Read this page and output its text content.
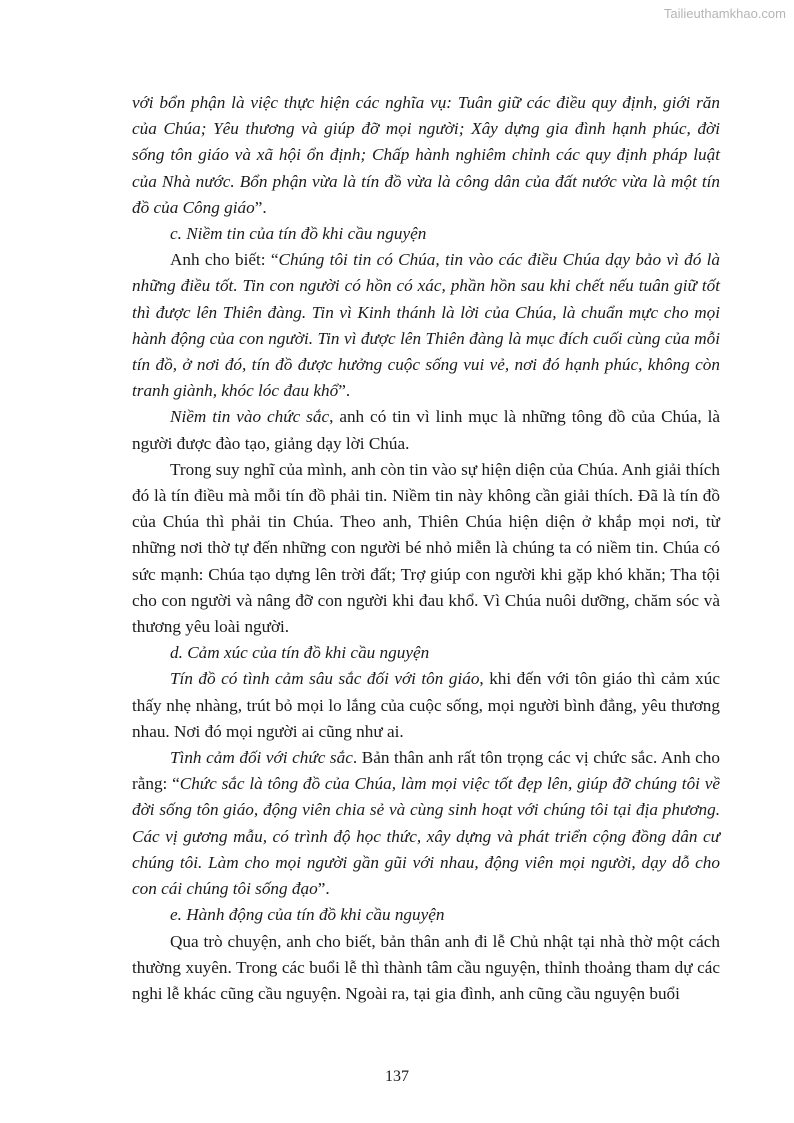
Tailieuthamkhao.com

với bổn phận là việc thực hiện các nghĩa vụ: Tuân giữ các điều quy định, giới răn của Chúa; Yêu thương và giúp đỡ mọi người; Xây dựng gia đình hạnh phúc, đời sống tôn giáo và xã hội ổn định; Chấp hành nghiêm chỉnh các quy định pháp luật của Nhà nước. Bổn phận vừa là tín đồ vừa là công dân của đất nước vừa là một tín đồ của Công giáo”.

c. Niềm tin của tín đồ khi cầu nguyện

Anh cho biết: “Chúng tôi tin có Chúa, tin vào các điều Chúa dạy bảo vì đó là những điều tốt. Tin con người có hồn có xác, phần hồn sau khi chết nếu tuân giữ tốt thì được lên Thiên đàng. Tin vì Kinh thánh là lời của Chúa, là chuẩn mực cho mọi hành động của con người. Tin vì được lên Thiên đàng là mục đích cuối cùng của mỗi tín đồ, ở nơi đó, tín đồ được hưởng cuộc sống vui vẻ, nơi đó hạnh phúc, không còn tranh giành, khóc lóc đau khổ”.

Niềm tin vào chức sắc, anh có tin vì linh mục là những tông đồ của Chúa, là người được đào tạo, giảng dạy lời Chúa.

Trong suy nghĩ của mình, anh còn tin vào sự hiện diện của Chúa. Anh giải thích đó là tín điều mà mỗi tín đồ phải tin. Niềm tin này không cần giải thích. Đã là tín đồ của Chúa thì phải tin Chúa. Theo anh, Thiên Chúa hiện diện ở khắp mọi nơi, từ những nơi thờ tự đến những con người bé nhỏ miễn là chúng ta có niềm tin. Chúa có sức mạnh: Chúa tạo dựng lên trời đất; Trợ giúp con người khi gặp khó khăn; Tha tội cho con người và nâng đỡ con người khi đau khổ. Vì Chúa nuôi dưỡng, chăm sóc và thương yêu loài người.

d. Cảm xúc của tín đồ khi cầu nguyện

Tín đồ có tình cảm sâu sắc đối với tôn giáo, khi đến với tôn giáo thì cảm xúc thấy nhẹ nhàng, trút bỏ mọi lo lắng của cuộc sống, mọi người bình đẳng, yêu thương nhau. Nơi đó mọi người ai cũng như ai.

Tình cảm đối với chức sắc. Bản thân anh rất tôn trọng các vị chức sắc. Anh cho rằng: “Chức sắc là tông đồ của Chúa, làm mọi việc tốt đẹp lên, giúp đỡ chúng tôi về đời sống tôn giáo, động viên chia sẻ và cùng sinh hoạt với chúng tôi tại địa phương. Các vị gương mẫu, có trình độ học thức, xây dựng và phát triển cộng đồng dân cư chúng tôi. Làm cho mọi người gần gũi với nhau, động viên mọi người, dạy dỗ cho con cái chúng tôi sống đạo”.

e. Hành động của tín đồ khi cầu nguyện

Qua trò chuyện, anh cho biết, bản thân anh đi lễ Chủ nhật tại nhà thờ một cách thường xuyên. Trong các buổi lễ thì thành tâm cầu nguyện, thỉnh thoảng tham dự các nghi lễ khác cũng cầu nguyện. Ngoài ra, tại gia đình, anh cũng cầu nguyện buổi

137
